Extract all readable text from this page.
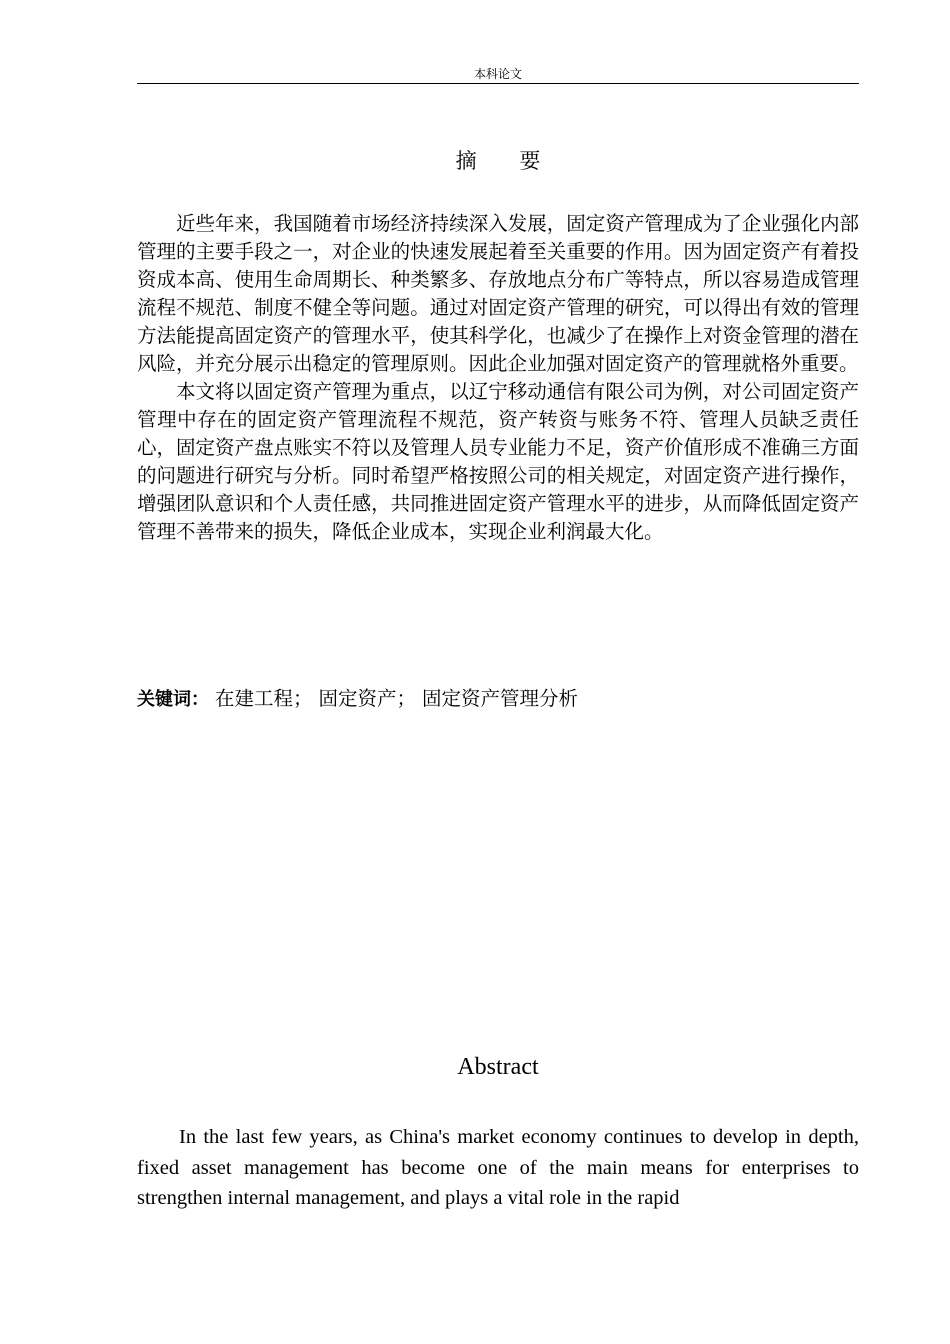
本科论文
摘 要

近些年来，我国随着市场经济持续深入发展，固定资产管理成为了企业强化内部管理的主要手段之一，对企业的快速发展起着至关重要的作用。因为固定资产有着投资成本高、使用生命周期长、种类繁多、存放地点分布广等特点，所以容易造成管理流程不规范、制度不健全等问题。通过对固定资产管理的研究，可以得出有效的管理方法能提高固定资产的管理水平，使其科学化，也减少了在操作上对资金管理的潜在风险，并充分展示出稳定的管理原则。因此企业加强对固定资产的管理就格外重要。

本文将以固定资产管理为重点，以辽宁移动通信有限公司为例，对公司固定资产管理中存在的固定资产管理流程不规范，资产转资与账务不符、管理人员缺乏责任心，固定资产盘点账实不符以及管理人员专业能力不足，资产价值形成不准确三方面的问题进行研究与分析。同时希望严格按照公司的相关规定，对固定资产进行操作，增强团队意识和个人责任感，共同推进固定资产管理水平的进步，从而降低固定资产管理不善带来的损失，降低企业成本，实现企业利润最大化。

关键词： 在建工程； 固定资产； 固定资产管理分析
Abstract

In the last few years, as China's market economy continues to develop in depth, fixed asset management has become one of the main means for enterprises to strengthen internal management, and plays a vital role in the rapid
